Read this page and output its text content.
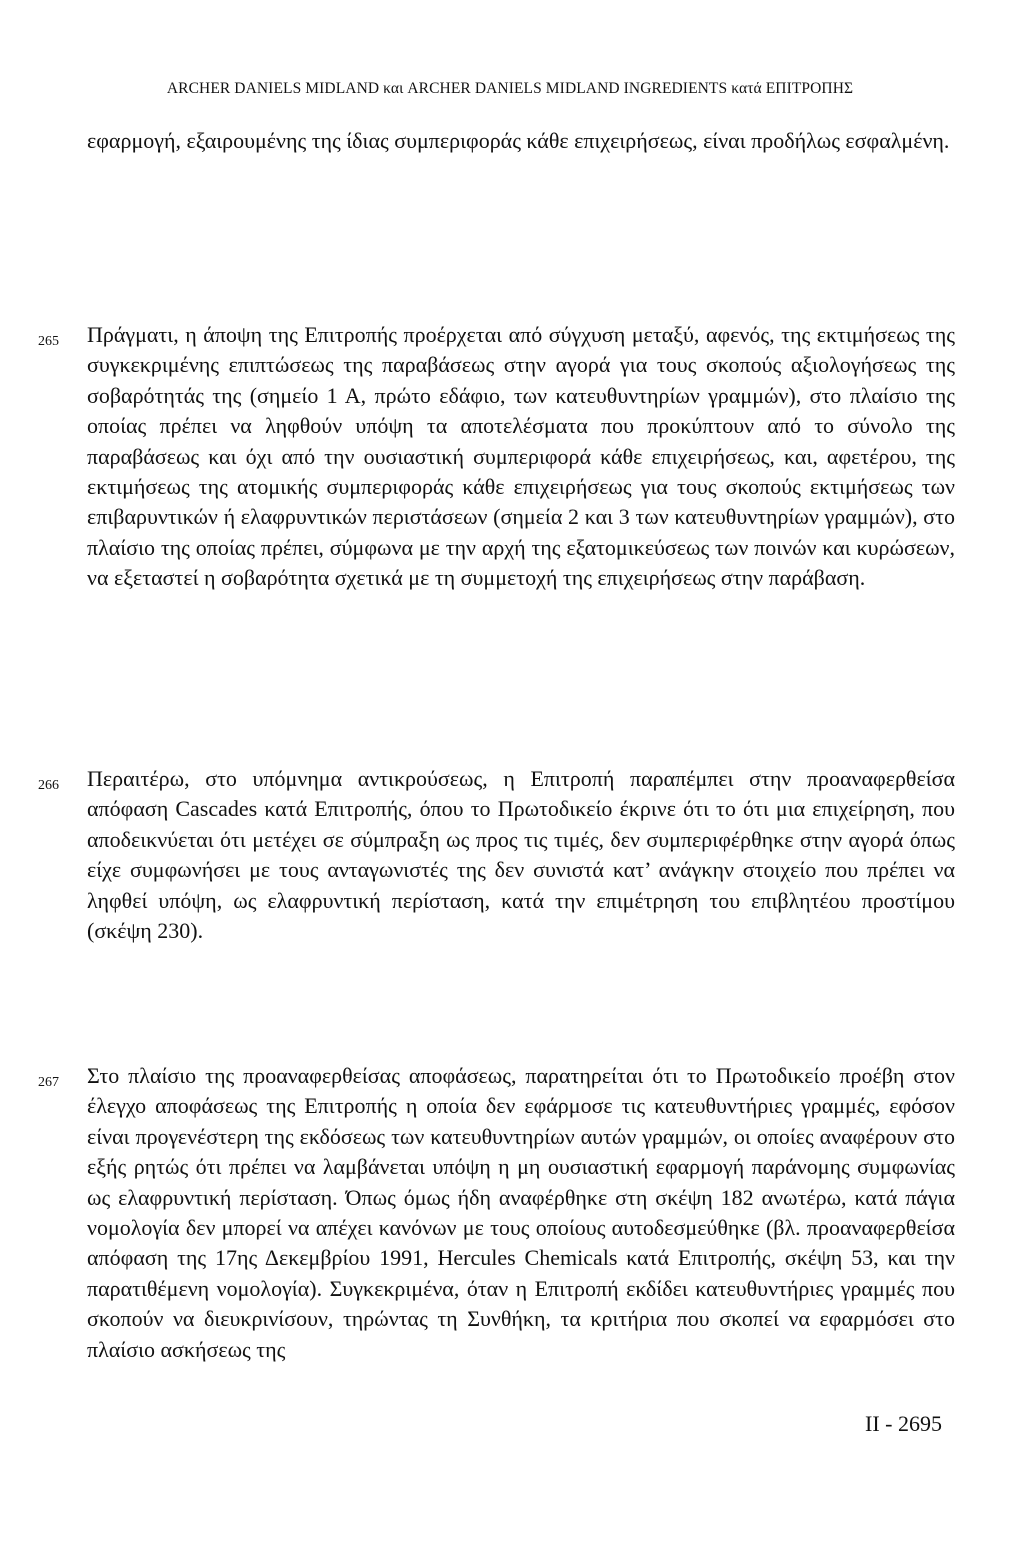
ARCHER DANIELS MIDLAND και ARCHER DANIELS MIDLAND INGREDIENTS κατά ΕΠΙΤΡΟΠΗΣ
εφαρμογή, εξαιρουμένης της ίδιας συμπεριφοράς κάθε επιχειρήσεως, είναι προδήλως εσφαλμένη.
265 Πράγματι, η άποψη της Επιτροπής προέρχεται από σύγχυση μεταξύ, αφενός, της εκτιμήσεως της συγκεκριμένης επιπτώσεως της παραβάσεως στην αγορά για τους σκοπούς αξιολογήσεως της σοβαρότητάς της (σημείο 1 Α, πρώτο εδάφιο, των κατευθυντηρίων γραμμών), στο πλαίσιο της οποίας πρέπει να ληφθούν υπόψη τα αποτελέσματα που προκύπτουν από το σύνολο της παραβάσεως και όχι από την ουσιαστική συμπεριφορά κάθε επιχειρήσεως, και, αφετέρου, της εκτιμήσεως της ατομικής συμπεριφοράς κάθε επιχειρήσεως για τους σκοπούς εκτιμήσεως των επιβαρυντικών ή ελαφρυντικών περιστάσεων (σημεία 2 και 3 των κατευθυντηρίων γραμμών), στο πλαίσιο της οποίας πρέπει, σύμφωνα με την αρχή της εξατομικεύσεως των ποινών και κυρώσεων, να εξεταστεί η σοβαρότητα σχετικά με τη συμμετοχή της επιχειρήσεως στην παράβαση.
266 Περαιτέρω, στο υπόμνημα αντικρούσεως, η Επιτροπή παραπέμπει στην προαναφερθείσα απόφαση Cascades κατά Επιτροπής, όπου το Πρωτοδικείο έκρινε ότι το ότι μια επιχείρηση, που αποδεικνύεται ότι μετέχει σε σύμπραξη ως προς τις τιμές, δεν συμπεριφέρθηκε στην αγορά όπως είχε συμφωνήσει με τους ανταγωνιστές της δεν συνιστά κατ’ ανάγκην στοιχείο που πρέπει να ληφθεί υπόψη, ως ελαφρυντική περίσταση, κατά την επιμέτρηση του επιβλητέου προστίμου (σκέψη 230).
267 Στο πλαίσιο της προαναφερθείσας αποφάσεως, παρατηρείται ότι το Πρωτοδικείο προέβη στον έλεγχο αποφάσεως της Επιτροπής η οποία δεν εφάρμοσε τις κατευθυντήριες γραμμές, εφόσον είναι προγενέστερη της εκδόσεως των κατευθυντηρίων αυτών γραμμών, οι οποίες αναφέρουν στο εξής ρητώς ότι πρέπει να λαμβάνεται υπόψη η μη ουσιαστική εφαρμογή παράνομης συμφωνίας ως ελαφρυντική περίσταση. Όπως όμως ήδη αναφέρθηκε στη σκέψη 182 ανωτέρω, κατά πάγια νομολογία δεν μπορεί να απέχει κανόνων με τους οποίους αυτοδεσμεύθηκε (βλ. προαναφερθείσα απόφαση της 17ης Δεκεμβρίου 1991, Hercules Chemicals κατά Επιτροπής, σκέψη 53, και την παρατιθέμενη νομολογία). Συγκεκριμένα, όταν η Επιτροπή εκδίδει κατευθυντήριες γραμμές που σκοπούν να διευκρινίσουν, τηρώντας τη Συνθήκη, τα κριτήρια που σκοπεί να εφαρμόσει στο πλαίσιο ασκήσεως της
II - 2695
